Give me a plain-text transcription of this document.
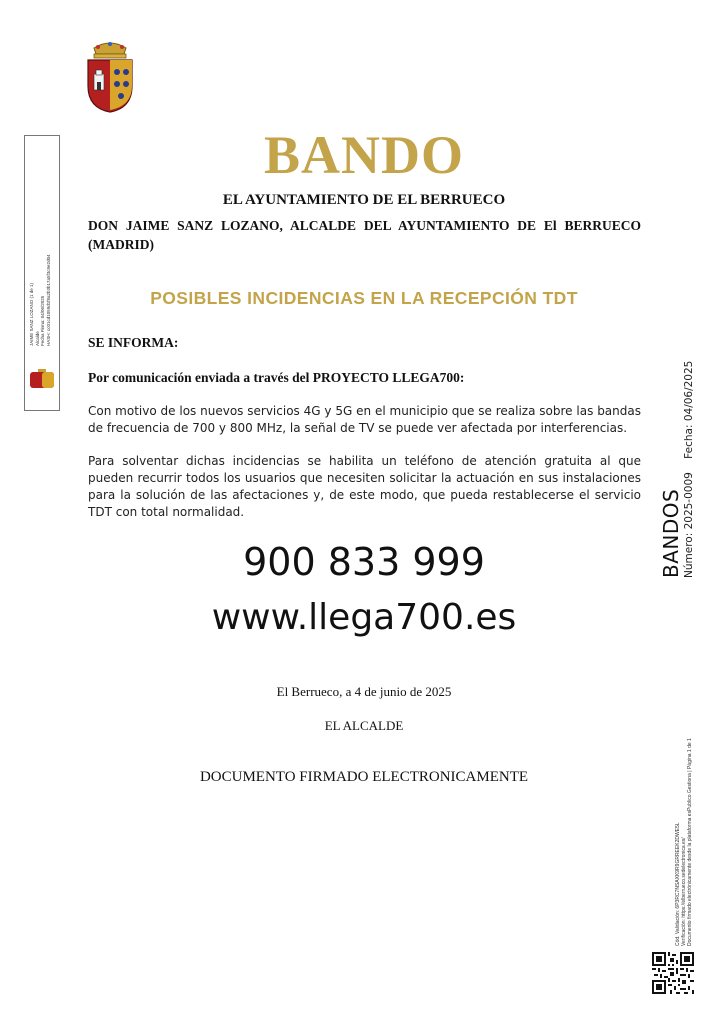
JAIME SANZ LOZANO (1 de 1) Alcalde Fecha Firma: 04/06/2025 HASH: cc01cd1059d1f8a2b3b17a5f3c9e2d04
BANDO
EL AYUNTAMIENTO DE EL BERRUECO
DON JAIME SANZ LOZANO, ALCALDE DEL AYUNTAMIENTO DE El BERRUECO (MADRID)
POSIBLES INCIDENCIAS EN LA RECEPCIÓN TDT
SE INFORMA:
Por comunicación enviada a través del PROYECTO LLEGA700:
Con motivo de los nuevos servicios 4G y 5G en el municipio que se realiza sobre las bandas de frecuencia de 700 y 800 MHz, la señal de TV se puede ver afectada por interferencias.
Para solventar dichas incidencias se habilita un teléfono de atención gratuita al que pueden recurrir todos los usuarios que necesiten solicitar la actuación en sus instalaciones para la solución de las afectaciones y, de este modo, que pueda restablecerse el servicio TDT con total normalidad.
900 833 999
www.llega700.es
El Berrueco, a 4 de junio de 2025
EL ALCALDE
DOCUMENTO FIRMADO ELECTRONICAMENTE
BANDOS Número: 2025-0009 Fecha: 04/06/2025
Cód. Validación: 6P3RC7NSAXK9R9GRREEK2DWE5L Verificación: https://elberrueco.sedelectronica.es/ Documento firmado electrónicamente desde la plataforma esPublico Gestiona | Página 1 de 1
